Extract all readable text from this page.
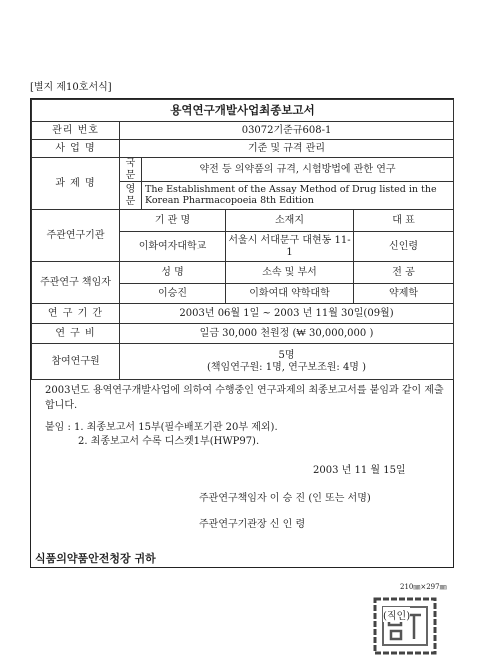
[별지 제10호서식]
용역연구개발사업최종보고서				
관리 번호	03072기준규608-1			
사 업 명	기준 및 규격 관리			
과 제 명	국문	약전 등 의약품의 규격, 시험방법에 관한 연구		
	영문	The Establishment of the Assay Method of Drug listed in the Korean Pharmacopoeia 8th Edition		
주관연구기관	기 관 명		소재지	대 표
	이화여자대학교		서울시 서대문구 대현동 11-1	신인령
주관연구 책임자	성 명		소속 및 부서	전 공
	이승진		이화여대 약학대학	약제학
연 구 기 간	2003년 06월 1일 ~ 2003 년 11월 30일(09월)			
연 구 비	일금 30,000 천원정 (₩ 30,000,000 )			
참여연구원	5명
(책임연구원: 1명, 연구보조원: 4명 )			
2003년도 용역연구개발사업에 의하여 수행중인 연구과제의 최종보고서를 붙임과 같이 제출합니다.
붙임 : 1. 최종보고서 15부(필수배포기관 20부 제외).
2. 최종보고서 수록 디스켓1부(HWP97).
2003 년 11 월 15일
주관연구책임자 이 승 진 (인 또는 서명)
주관연구기관장 신 인 령
(직인)
식품의약품안전청장 귀하
210㎜×297㎜
